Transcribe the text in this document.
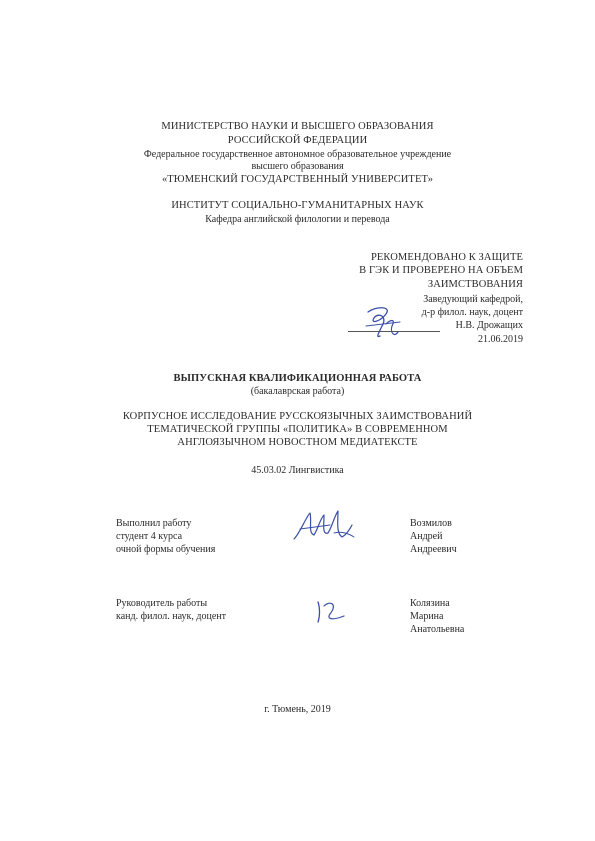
МИНИСТЕРСТВО НАУКИ И ВЫСШЕГО ОБРАЗОВАНИЯ
РОССИЙСКОЙ ФЕДЕРАЦИИ
Федеральное государственное автономное образовательное учреждение
высшего образования
«ТЮМЕНСКИЙ ГОСУДАРСТВЕННЫЙ УНИВЕРСИТЕТ»
ИНСТИТУТ СОЦИАЛЬНО-ГУМАНИТАРНЫХ НАУК
Кафедра английской филологии и перевода
РЕКОМЕНДОВАНО К ЗАЩИТЕ
В ГЭК И ПРОВЕРЕНО НА ОБЪЕМ
ЗАИМСТВОВАНИЯ
Заведующий кафедрой,
д-р филол. наук, доцент
Н.В. Дрожащих
21.06.2019
ВЫПУСКНАЯ КВАЛИФИКАЦИОННАЯ РАБОТА
(бакалаврская работа)
КОРПУСНОЕ ИССЛЕДОВАНИЕ РУССКОЯЗЫЧНЫХ ЗАИМСТВОВАНИЙ
ТЕМАТИЧЕСКОЙ ГРУППЫ «ПОЛИТИКА» В СОВРЕМЕННОМ
АНГЛОЯЗЫЧНОМ НОВОСТНОМ МЕДИАТЕКСТЕ
45.03.02 Лингвистика
Выполнил работу
студент 4 курса
очной формы обучения
Возмилов
Андрей
Андреевич
Руководитель работы
канд. филол. наук, доцент
Колязина
Марина
Анатольевна
г. Тюмень, 2019
